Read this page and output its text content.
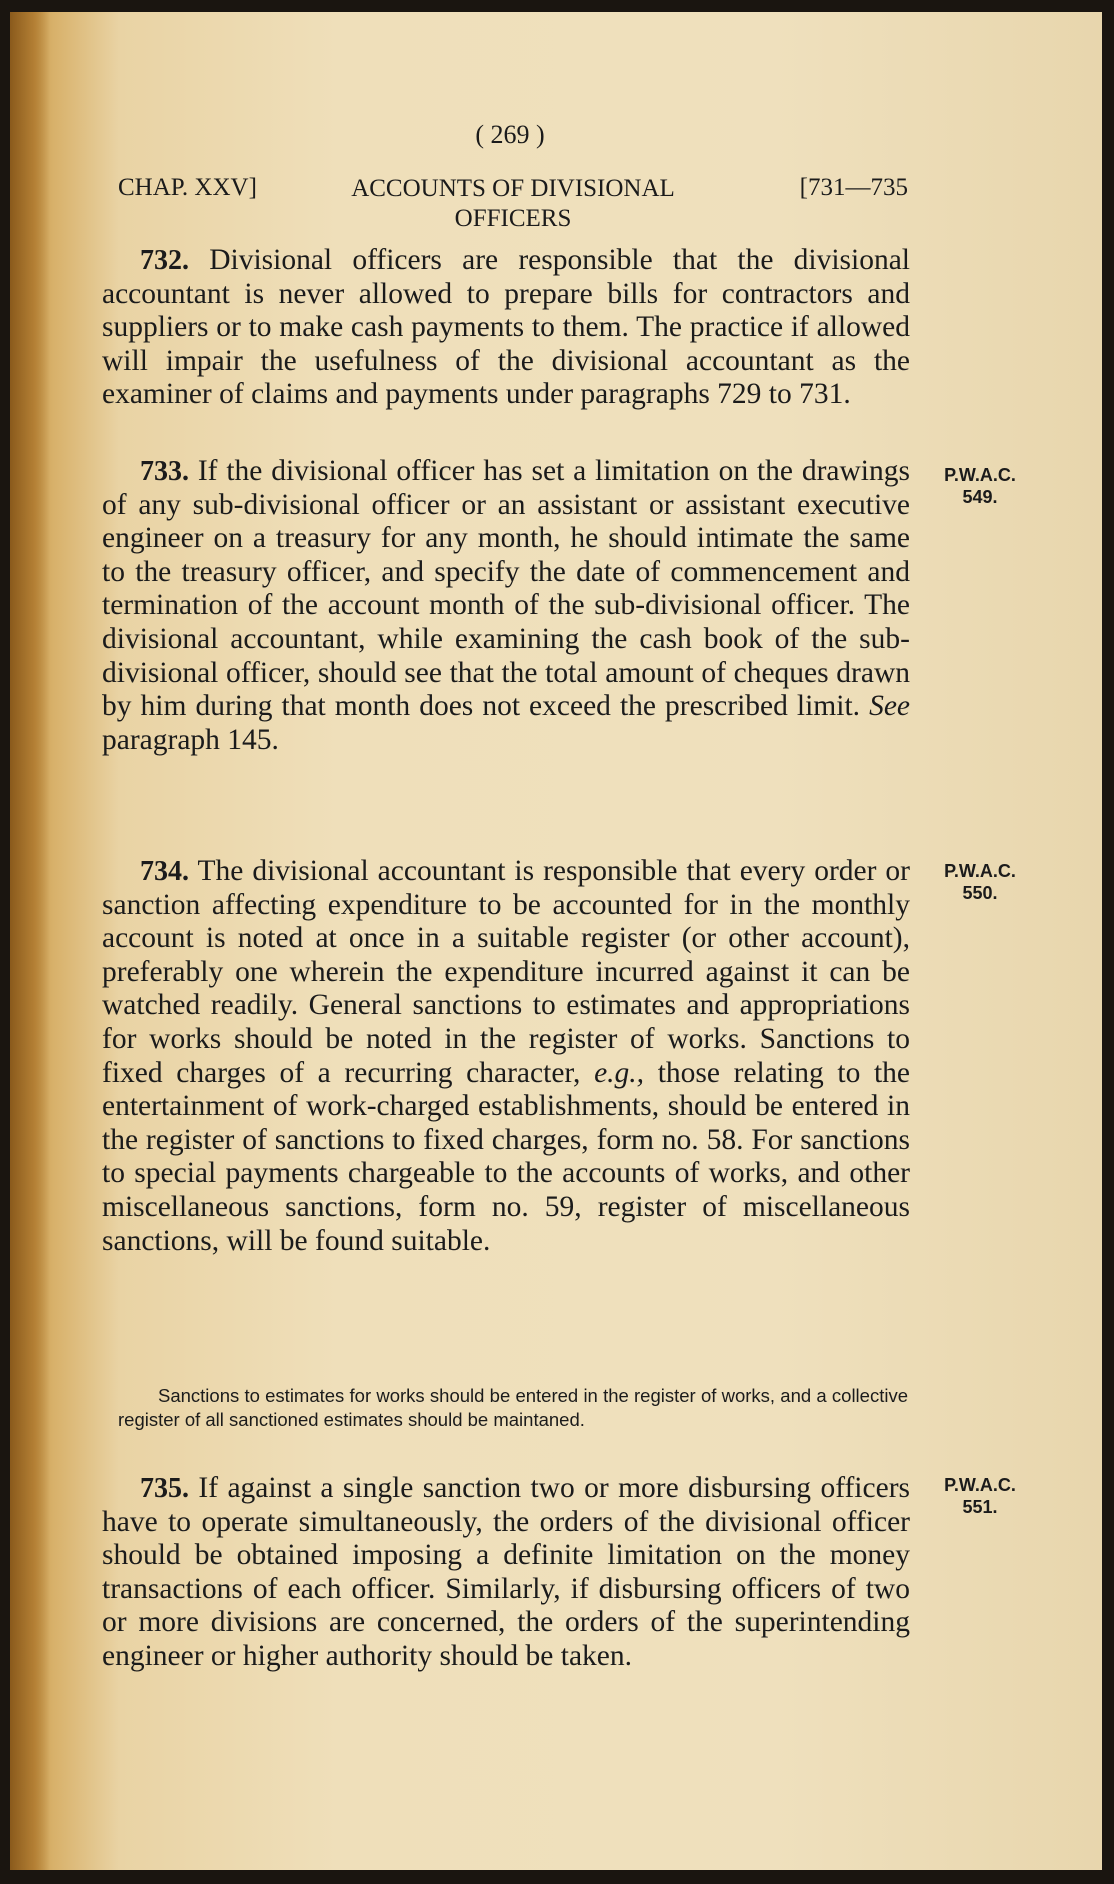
( 269 )
CHAP. XXV]	ACCOUNTS OF DIVISIONAL OFFICERS
[731—735
732. Divisional officers are responsible that the divisional accountant is never allowed to prepare bills for contractors and suppliers or to make cash payments to them. The practice if allowed will impair the usefulness of the divisional accountant as the examiner of claims and payments under paragraphs 729 to 731.
733. If the divisional officer has set a limitation on the drawings of any sub-divisional officer or an assistant or assistant executive engineer on a treasury for any month, he should intimate the same to the treasury officer, and specify the date of commencement and termination of the account month of the sub-divisional officer. The divisional accountant, while examining the cash book of the sub-divisional officer, should see that the total amount of cheques drawn by him during that month does not exceed the prescribed limit. See paragraph 145.
P.W.A.C.
549.
734. The divisional accountant is responsible that every order or sanction affecting expenditure to be accounted for in the monthly account is noted at once in a suitable register (or other account), preferably one wherein the expenditure incurred against it can be watched readily. General sanctions to estimates and appropriations for works should be noted in the register of works. Sanctions to fixed charges of a recurring character, e.g., those relating to the entertainment of work-charged establishments, should be entered in the register of sanctions to fixed charges, form no. 58. For sanctions to special payments chargeable to the accounts of works, and other miscellaneous sanctions, form no. 59, register of miscellaneous sanctions, will be found suitable.
P.W.A.C.
550.
Sanctions to estimates for works should be entered in the register of works, and a collective register of all sanctioned estimates should be maintaned.
735. If against a single sanction two or more disbursing officers have to operate simultaneously, the orders of the divisional officer should be obtained imposing a definite limitation on the money transactions of each officer. Similarly, if disbursing officers of two or more divisions are concerned, the orders of the superintending engineer or higher authority should be taken.
P.W.A.C.
551.
